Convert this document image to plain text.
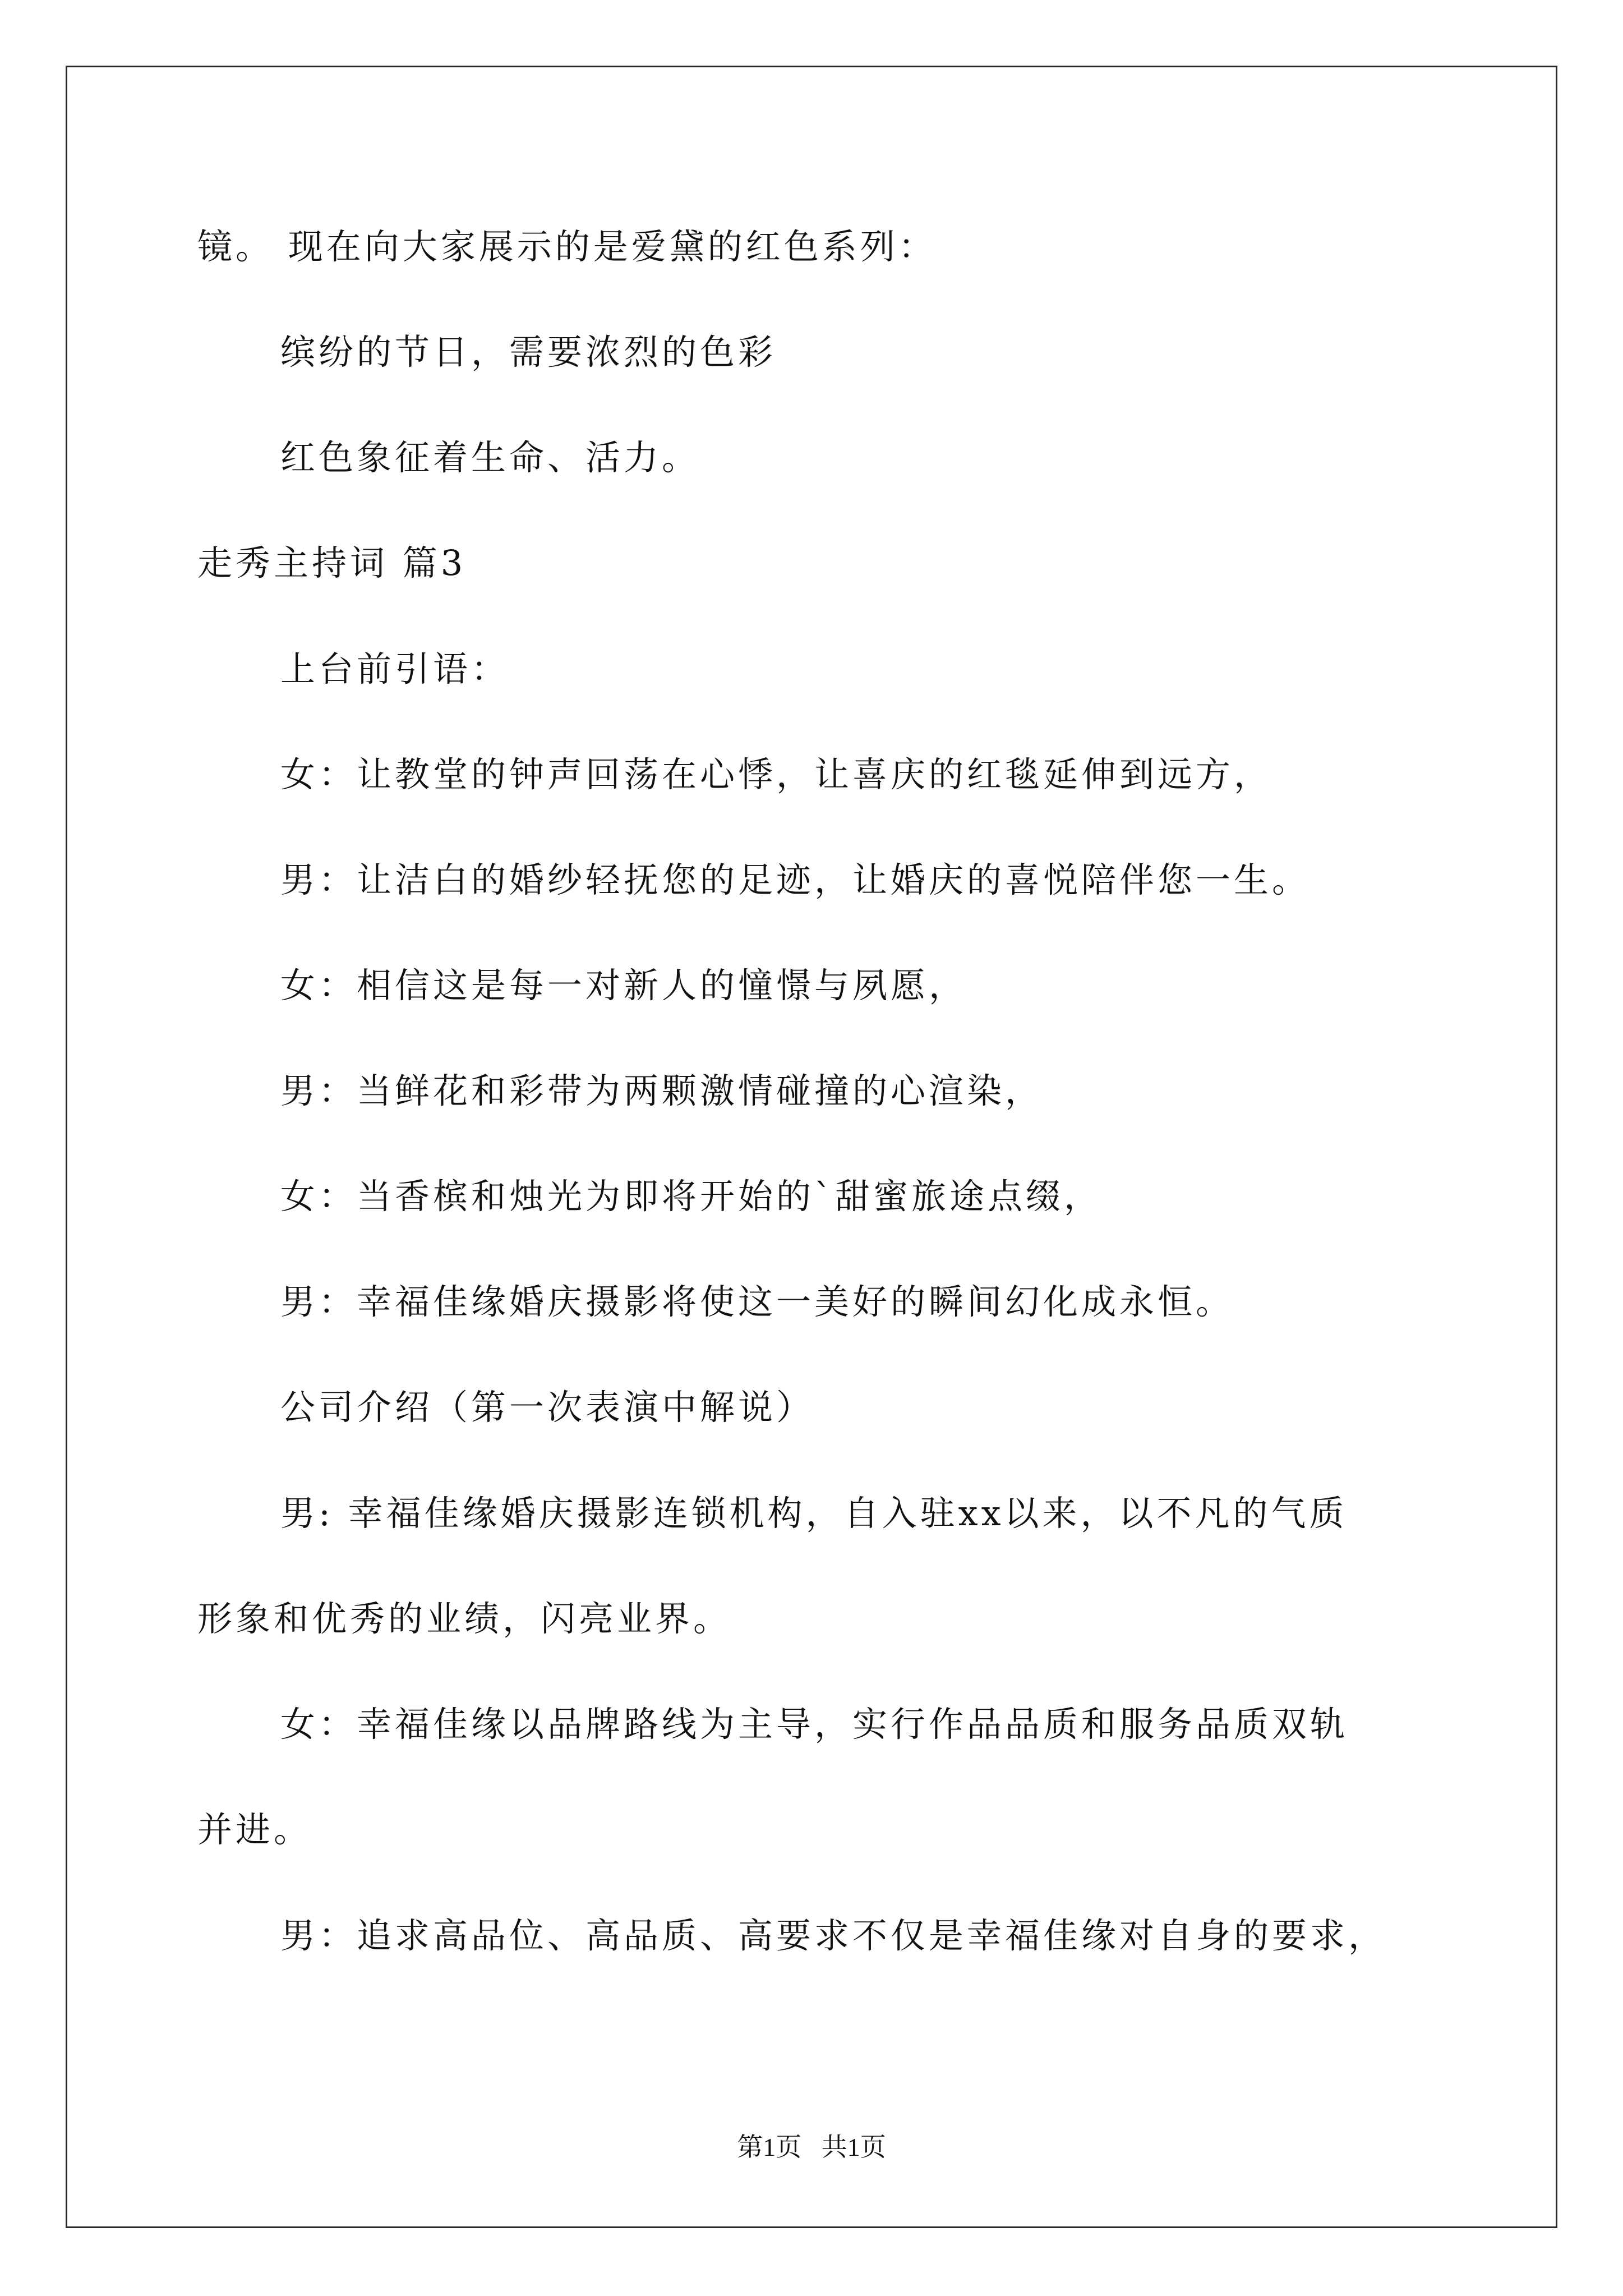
镜。 现在向大家展示的是爱黛的红色系列：

缤纷的节日，需要浓烈的色彩

红色象征着生命、活力。

走秀主持词 篇3

上台前引语：

女：让教堂的钟声回荡在心悸，让喜庆的红毯延伸到远方，

男：让洁白的婚纱轻抚您的足迹，让婚庆的喜悦陪伴您一生。

女：相信这是每一对新人的憧憬与夙愿，

男：当鲜花和彩带为两颗激情碰撞的心渲染，

女：当香槟和烛光为即将开始的`甜蜜旅途点缀，

男：幸福佳缘婚庆摄影将使这一美好的瞬间幻化成永恒。

公司介绍（第一次表演中解说）

男: 幸福佳缘婚庆摄影连锁机构，自入驻xx以来，以不凡的气质

形象和优秀的业绩，闪亮业界。

女：幸福佳缘以品牌路线为主导，实行作品品质和服务品质双轨

并进。

男：追求高品位、高品质、高要求不仅是幸福佳缘对自身的要求，

第1页 共1页
